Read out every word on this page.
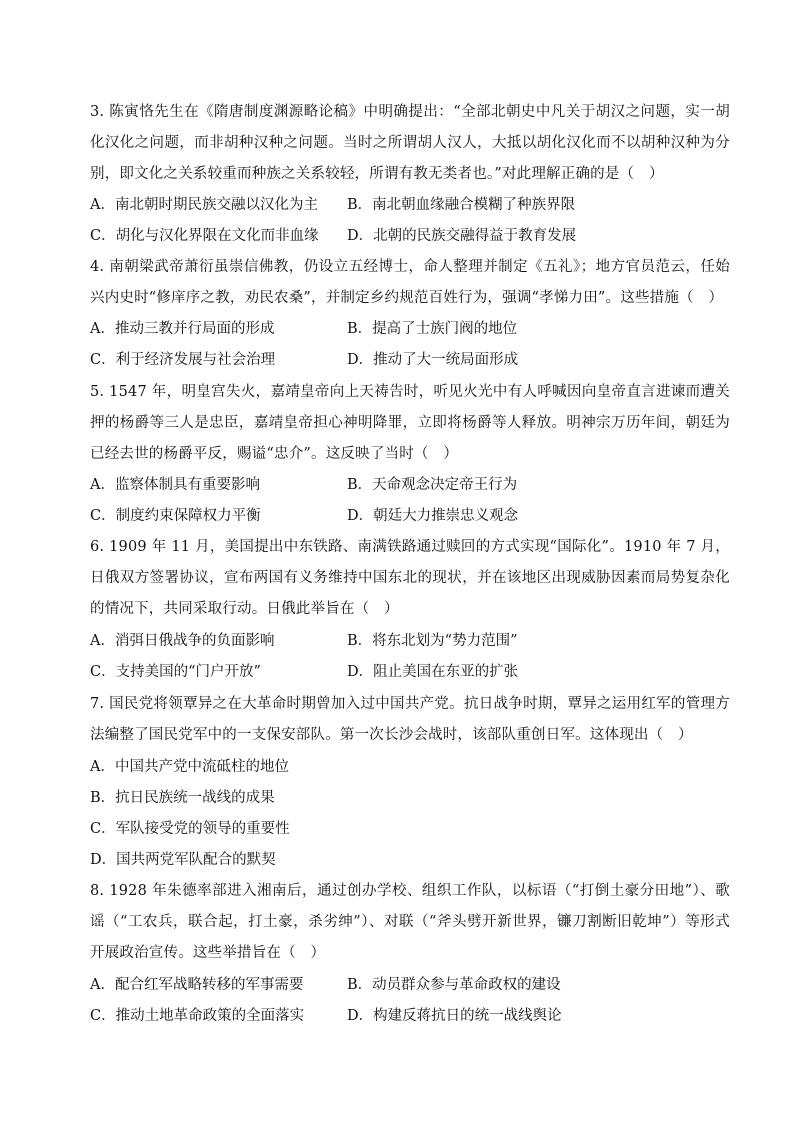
3. 陈寅恪先生在《隋唐制度渊源略论稿》中明确提出：“全部北朝史中凡关于胡汉之问题，实一胡化汉化之问题，而非胡种汉种之问题。当时之所谓胡人汉人，大抵以胡化汉化而不以胡种汉种为分别，即文化之关系较重而种族之关系较轻，所谓有教无类者也。”对此理解正确的是（　）
A．南北朝时期民族交融以汉化为主	B．南北朝血缘融合模糊了种族界限
C．胡化与汉化界限在文化而非血缘	D．北朝的民族交融得益于教育发展
4. 南朝梁武帝萧衍虽崇信佛教，仍设立五经博士，命人整理并制定《五礼》；地方官员范云，任始兴内史时“修庠序之教，劝民农桑”，并制定乡约规范百姓行为，强调“孝悌力田”。这些措施（　）
A．推动三教并行局面的形成	B．提高了士族门阀的地位
C．利于经济发展与社会治理	D．推动了大一统局面形成
5. 1547 年，明皇宫失火，嘉靖皇帝向上天祷告时，听见火光中有人呼喊因向皇帝直言进谏而遭关押的杨爵等三人是忠臣，嘉靖皇帝担心神明降罪，立即将杨爵等人释放。明神宗万历年间，朝廷为已经去世的杨爵平反，赐谥“忠介”。这反映了当时（　）
A．监察体制具有重要影响	B．天命观念决定帝王行为
C．制度约束保障权力平衡	D．朝廷大力推崇忠义观念
6. 1909 年 11 月，美国提出中东铁路、南满铁路通过赎回的方式实现“国际化”。1910 年 7 月，日俄双方签署协议，宣布两国有义务维持中国东北的现状，并在该地区出现威胁因素而局势复杂化的情况下，共同采取行动。日俄此举旨在（　）
A．消弭日俄战争的负面影响	B．将东北划为“势力范围”
C．支持美国的“门户开放”	D．阻止美国在东亚的扩张
7. 国民党将领覃异之在大革命时期曾加入过中国共产党。抗日战争时期，覃异之运用红军的管理方法编整了国民党军中的一支保安部队。第一次长沙会战时，该部队重创日军。这体现出（　）
A．中国共产党中流砥柱的地位
B．抗日民族统一战线的成果
C．军队接受党的领导的重要性
D．国共两党军队配合的默契
8. 1928 年朱德率部进入湘南后，通过创办学校、组织工作队，以标语（“打倒土豪分田地”）、歌谣（“工农兵，联合起，打土豪，杀劣绅”）、对联（“斧头劈开新世界，镰刀割断旧乾坤”）等形式开展政治宣传。这些举措旨在（　）
A．配合红军战略转移的军事需要	B．动员群众参与革命政权的建设
C．推动土地革命政策的全面落实	D．构建反蒋抗日的统一战线舆论
